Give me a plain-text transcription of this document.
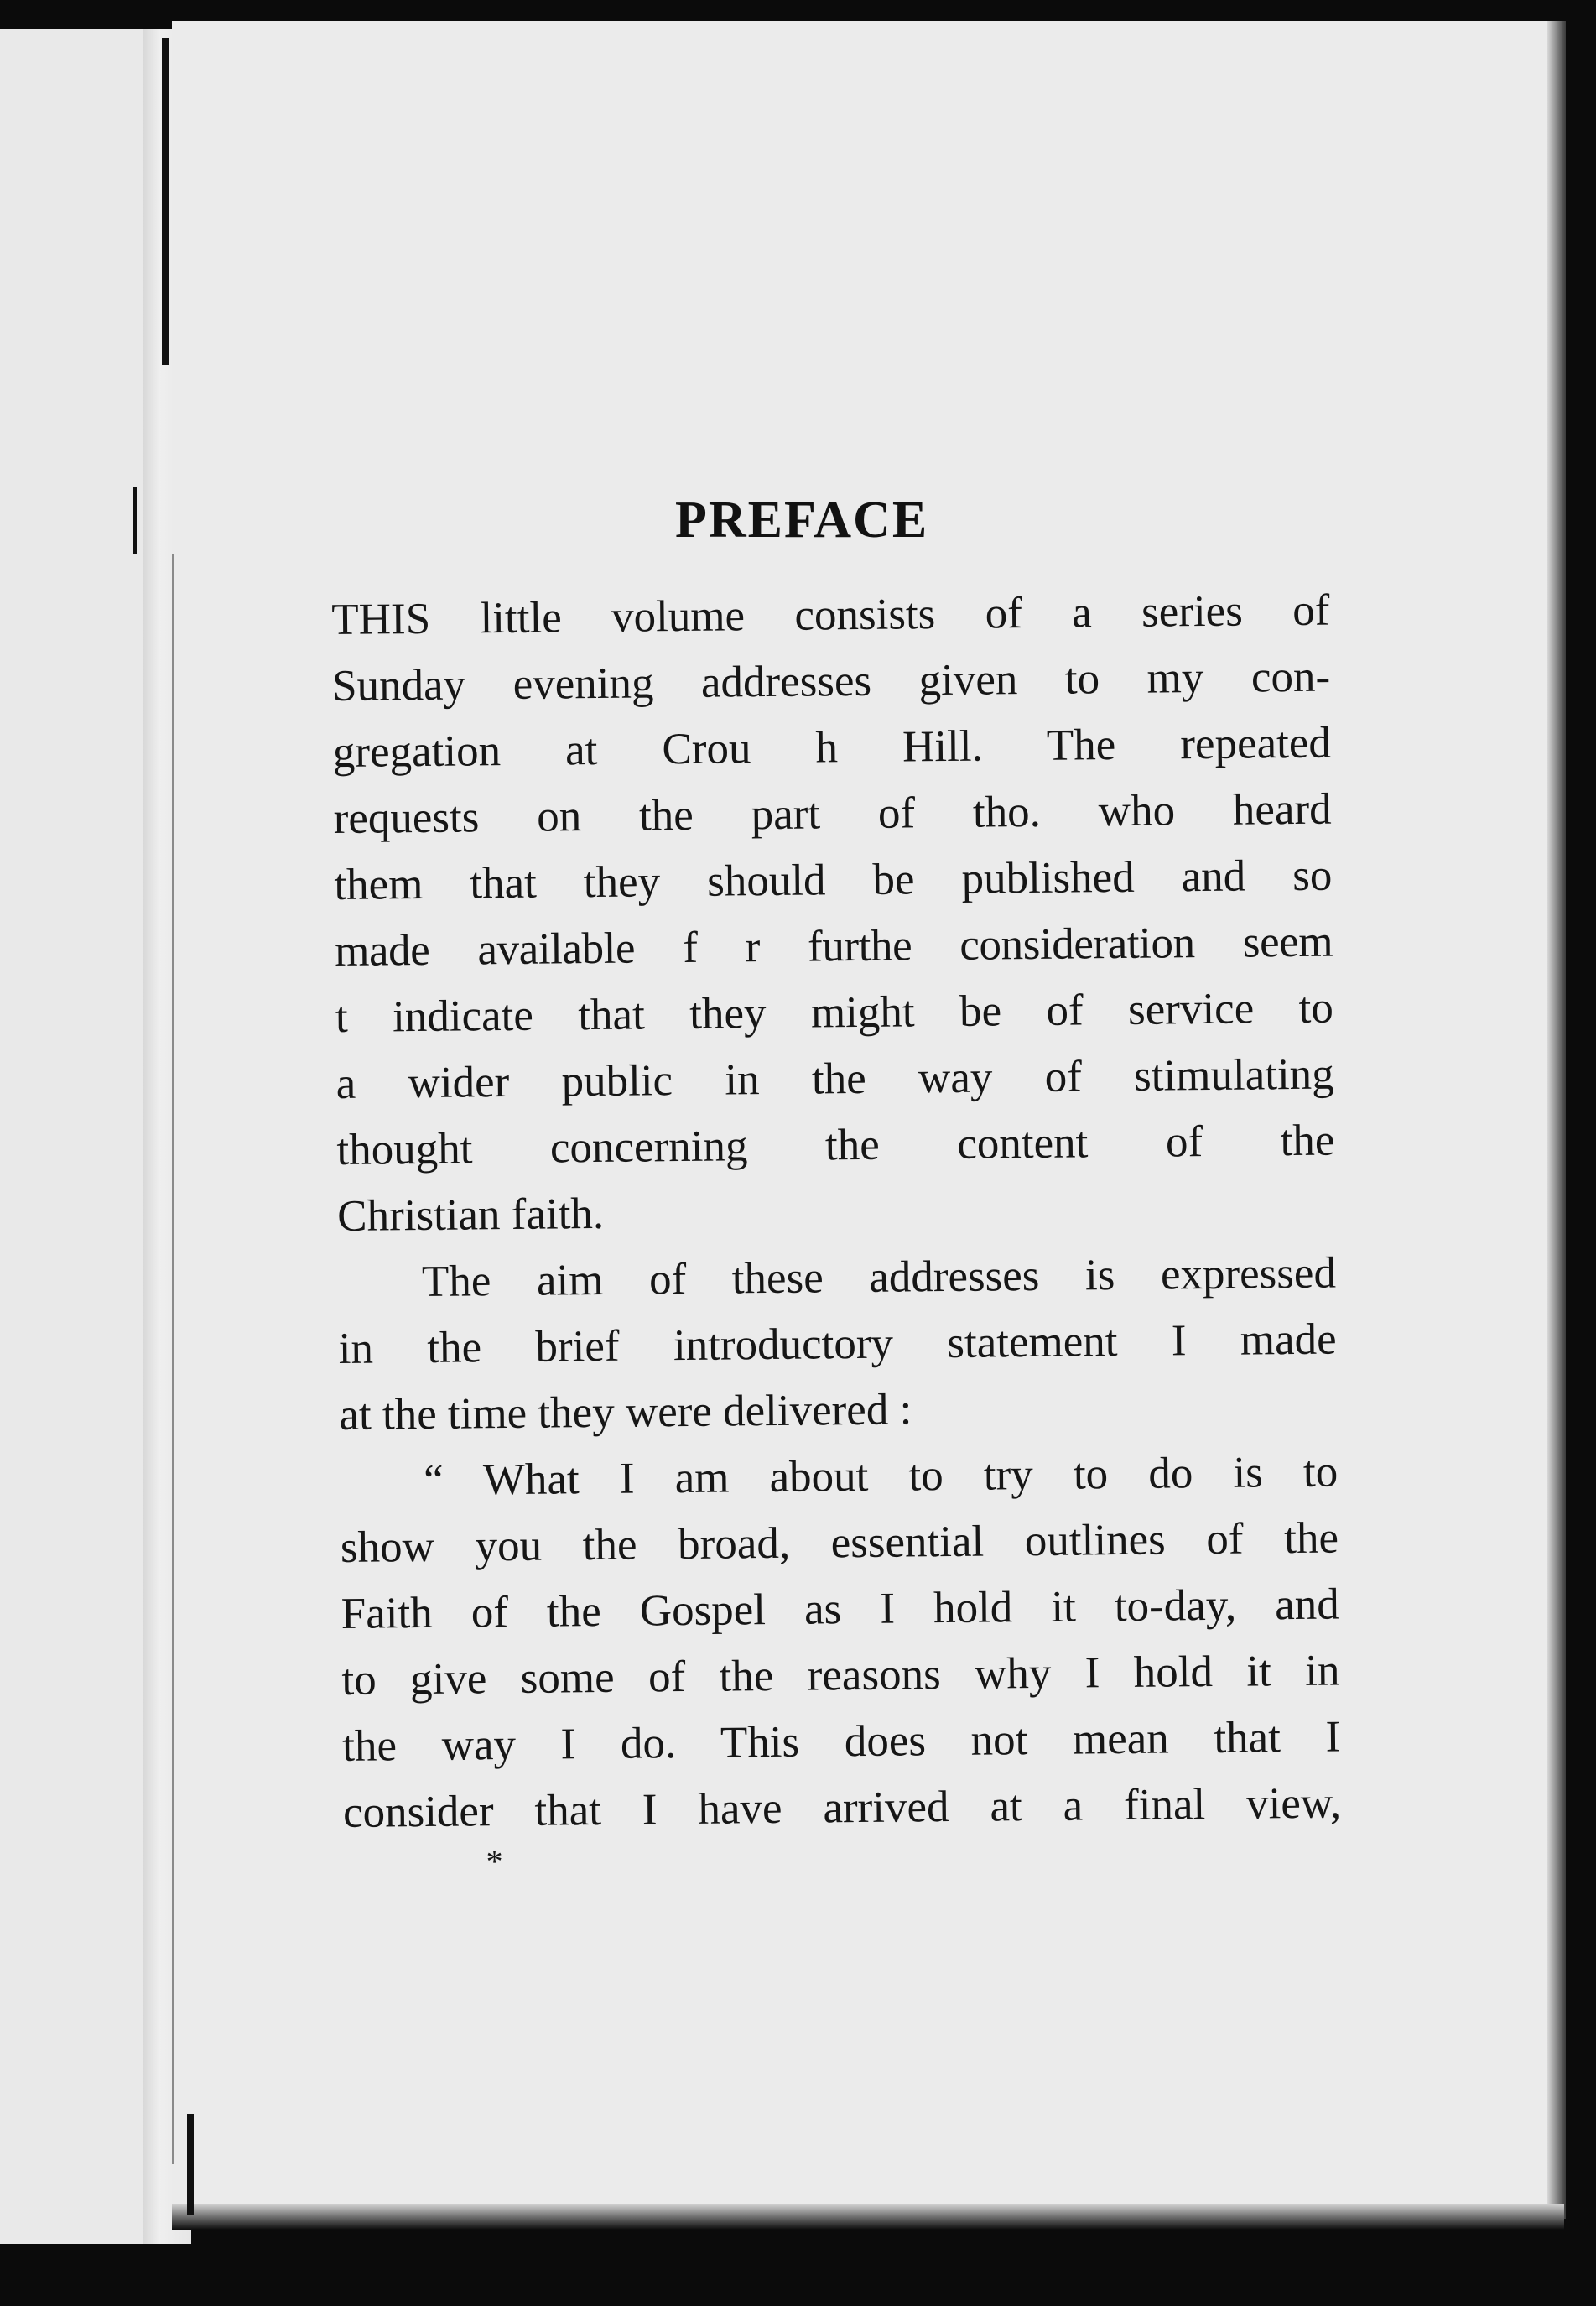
PREFACE
THIS little volume consists of a series of
Sunday evening addresses given to my con-
gregation at Crou h Hill. The repeated
requests on the part of tho. who heard
them that they should be published and so
made available f r furthe consideration seem
t indicate that they might be of service to
a wider public in the way of stimulating
thought concerning the content of the
Christian faith.
The aim of these addresses is expressed
in the brief introductory statement I made
at the time they were delivered :
“ What I am about to try to do is to
show you the broad, essential outlines of the
Faith of the Gospel as I hold it to-day, and
to give some of the reasons why I hold it in
the way I do. This does not mean that I
consider that I have arrived at a final view,
*
